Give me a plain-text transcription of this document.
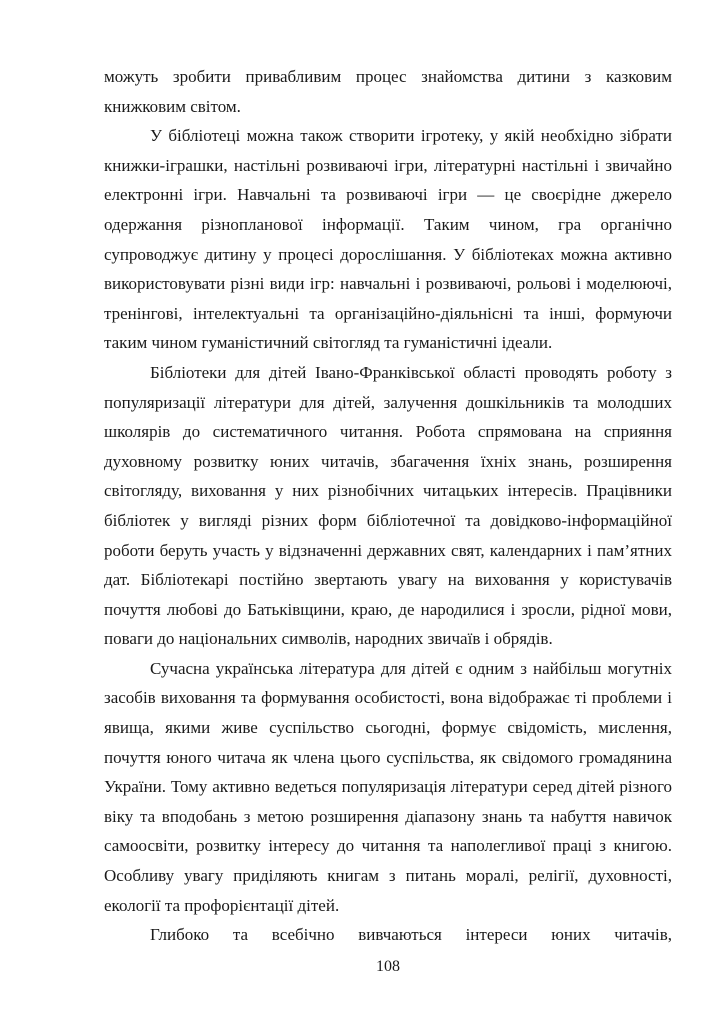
можуть зробити привабливим процес знайомства дитини з казковим книжковим світом.

У бібліотеці можна також створити ігротеку, у якій необхідно зібрати книжки-іграшки, настільні розвиваючі ігри, літературні настільні і звичайно електронні ігри. Навчальні та розвиваючі ігри — це своєрідне джерело одержання різнопланової інформації. Таким чином, гра органічно супроводжує дитину у процесі дорослішання. У бібліотеках можна активно використовувати різні види ігр: навчальні і розвиваючі, рольові і моделюючі, тренінгові, інтелектуальні та організаційно-діяльнісні та інші, формуючи таким чином гуманістичний світогляд та гуманістичні ідеали.

Бібліотеки для дітей Івано-Франківської області проводять роботу з популяризації літератури для дітей, залучення дошкільників та молодших школярів до систематичного читання. Робота спрямована на сприяння духовному розвитку юних читачів, збагачення їхніх знань, розширення світогляду, виховання у них різнобічних читацьких інтересів. Працівники бібліотек у вигляді різних форм бібліотечної та довідково-інформаційної роботи беруть участь у відзначенні державних свят, календарних і пам’ятних дат. Бібліотекарі постійно звертають увагу на виховання у користувачів почуття любові до Батьківщини, краю, де народилися і зросли, рідної мови, поваги до національних символів, народних звичаїв і обрядів.

Сучасна українська література для дітей є одним з найбільш могутніх засобів виховання та формування особистості, вона відображає ті проблеми і явища, якими живе суспільство сьогодні, формує свідомість, мислення, почуття юного читача як члена цього суспільства, як свідомого громадянина України. Тому активно ведеться популяризація літератури серед дітей різного віку та вподобань з метою розширення діапазону знань та набуття навичок самоосвіти, розвитку інтересу до читання та наполегливої праці з книгою. Особливу увагу приділяють книгам з питань моралі, релігії, духовності, екології та профорієнтації дітей.

Глибоко та всебічно вивчаються інтереси юних читачів,

108
